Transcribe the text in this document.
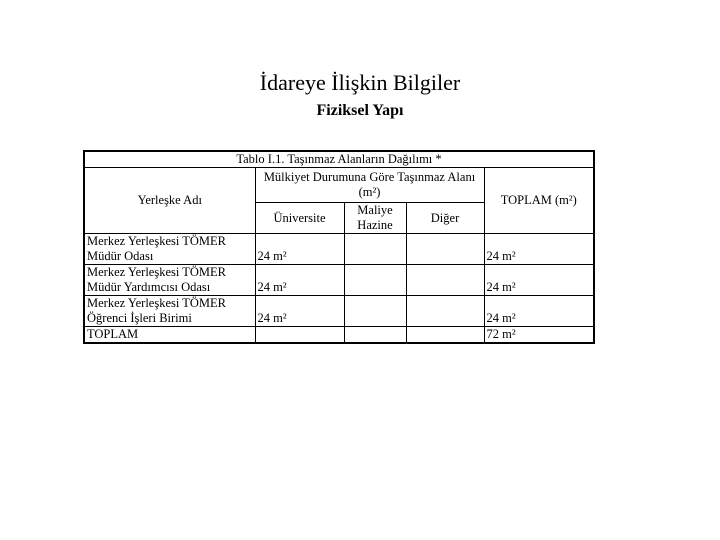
İdareye İlişkin Bilgiler
Fiziksel Yapı
Tablo I.1. Taşınmaz Alanların Dağılımı *				
Yerleşke Adı	Mülkiyet Durumuna Göre Taşınmaz Alanı (m²)			TOPLAM (m²)
	Üniversite	Maliye Hazine	Diğer	
Merkez Yerleşkesi TÖMER Müdür Odası	24 m²			24 m²
Merkez Yerleşkesi TÖMER Müdür Yardımcısı Odası	24 m²			24 m²
Merkez Yerleşkesi TÖMER Öğrenci İşleri Birimi	24 m²			24 m²
TOPLAM				72 m²
